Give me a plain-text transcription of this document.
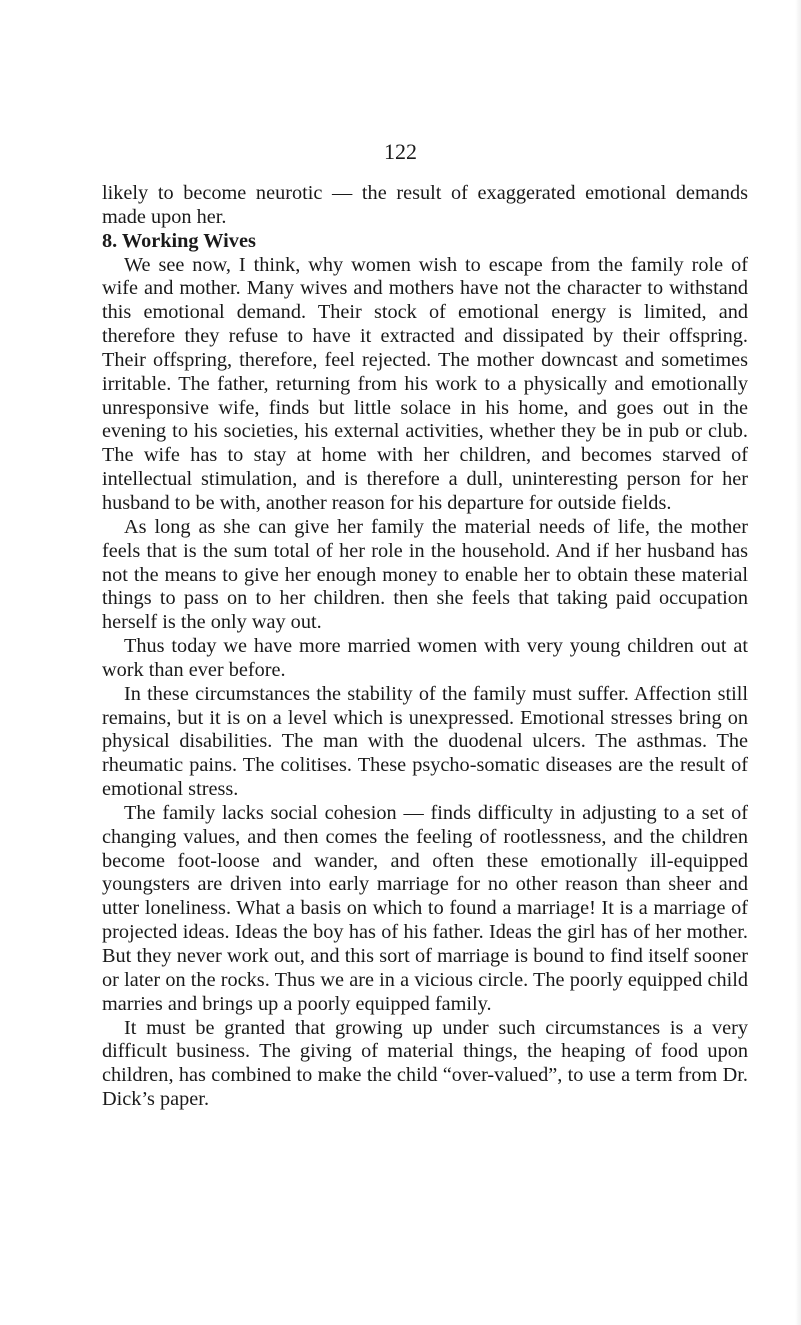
122

likely to become neurotic — the result of exaggerated emotional demands made upon her.

8. Working Wives

We see now, I think, why women wish to escape from the family role of wife and mother. Many wives and mothers have not the character to withstand this emotional demand. Their stock of emotional energy is limited, and therefore they refuse to have it extracted and dissipated by their offspring. Their offspring, therefore, feel rejected. The mother downcast and sometimes irritable. The father, returning from his work to a physically and emotionally unresponsive wife, finds but little solace in his home, and goes out in the evening to his societies, his external activities, whether they be in pub or club. The wife has to stay at home with her children, and becomes starved of intellectual stimulation, and is therefore a dull, uninteresting person for her husband to be with, another reason for his departure for outside fields.

As long as she can give her family the material needs of life, the mother feels that is the sum total of her role in the household. And if her husband has not the means to give her enough money to enable her to obtain these material things to pass on to her children. then she feels that taking paid occupation herself is the only way out.

Thus today we have more married women with very young children out at work than ever before.

In these circumstances the stability of the family must suffer. Affection still remains, but it is on a level which is unexpressed. Emotional stresses bring on physical disabilities. The man with the duodenal ulcers. The asthmas. The rheumatic pains. The colitises. These psycho-somatic diseases are the result of emotional stress.

The family lacks social cohesion — finds difficulty in adjusting to a set of changing values, and then comes the feeling of rootlessness, and the children become foot-loose and wander, and often these emotionally ill-equipped youngsters are driven into early marriage for no other reason than sheer and utter loneliness. What a basis on which to found a marriage! It is a marriage of projected ideas. Ideas the boy has of his father. Ideas the girl has of her mother. But they never work out, and this sort of marriage is bound to find itself sooner or later on the rocks. Thus we are in a vicious circle. The poorly equipped child marries and brings up a poorly equipped family.

It must be granted that growing up under such circumstances is a very difficult business. The giving of material things, the heaping of food upon children, has combined to make the child “over-valued”, to use a term from Dr. Dick’s paper.
